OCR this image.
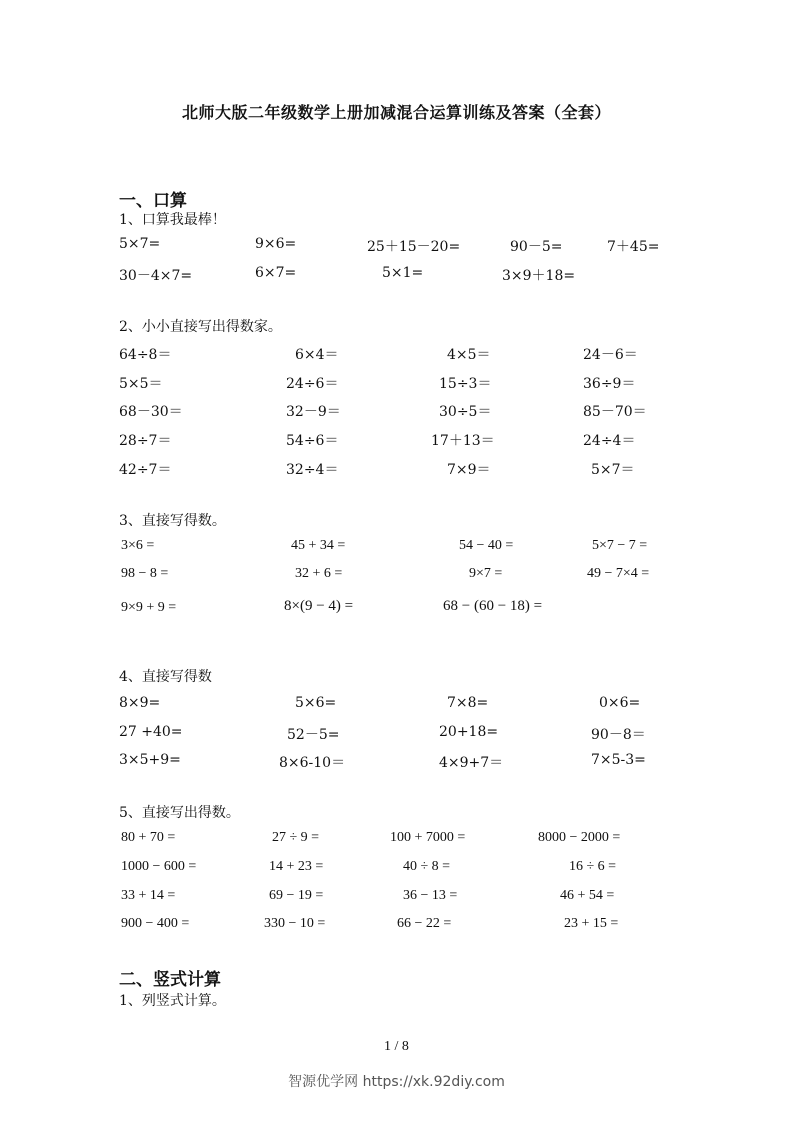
北师大版二年级数学上册加减混合运算训练及答案（全套）
一、口算
1、口算我最棒！
5×7=	9×6=	25＋15－20=	90－5=	7＋45=
30－4×7=	6×7=	5×1=	3×9＋18=
2、小小直接写出得数家。
64÷8＝	6×4＝	4×5＝	24－6＝
5×5＝	24÷6＝	15÷3＝	36÷9＝
68－30＝	32－9＝	30÷5＝	85－70＝
28÷7＝	54÷6＝	17＋13＝	24÷4＝
42÷7＝	32÷4＝	7×9＝	5×7＝
3、直接写得数。
3×6 =	45 + 34 =	54 − 40 =	5×7 − 7 =
98 − 8 =	32 + 6 =	9×7 =	49 − 7×4 =
9×9 + 9 =	8×(9 − 4) =	68 − (60 − 18) =
4、直接写得数
8×9=	5×6=	7×8=	0×6=
27 +40=	52－5=	20+18=	90－8＝
3×5+9=	8×6-10＝	4×9+7＝	7×5-3=
5、直接写出得数。
80 + 70 =	27 ÷ 9 =	100 + 7000 =	8000 − 2000 =
1000 − 600 =	14 + 23 =	40 ÷ 8 =	16 ÷ 6 =
33 + 14 =	69 − 19 =	36 − 13 =	46 + 54 =
900 − 400 =	330 − 10 =	66 − 22 =	23 + 15 =
二、竖式计算
1、列竖式计算。
1 / 8
智源优学网 https://xk.92diy.com
